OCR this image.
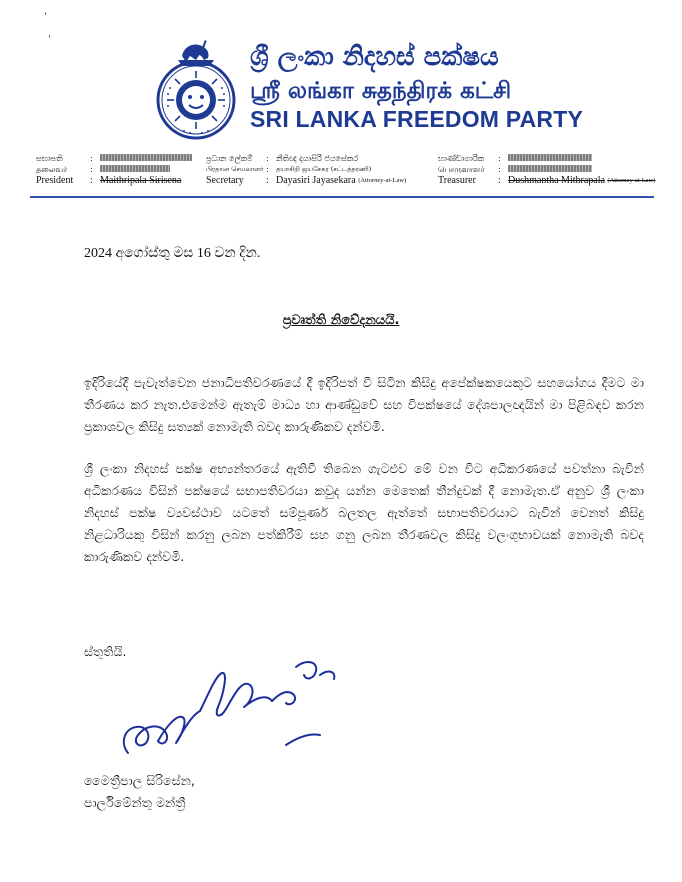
,
'
ශ්‍රී ලංකා නිදහස් පක්ෂය
ஸ்ரீ லங்கா சுதந்திரக் கட்சி
SRI LANKA FREEDOM PARTY
සභාපති	:
தலைவர்	:
President	: Maithripala Sirisena
ප්‍රධාන ලේකම්	: නීතිඥ දයාසිරි ජයසේකර
பிரதான செயலாளர் :	தயாசிறி ஜயசேகர (சட்டத்தரணி)
Secretary	: Dayasiri Jayasekara
(Attorney-at-Law)
භාණ්ඩාගාරික	:
பொருளாளர்	:
Treasurer	: Dushmantha Mithrapala
(Attorney-at-Law)
2024 අගෝස්තු මස 16 වන දින.
ප්‍රවෘත්ති නිවේදනයයි.
ඉදිරියේදී පැවැත්වෙන ජනාධිපතිවරණයේ දී ඉදිරිපත් වී සිටින කිසිදු අපේක්ෂකයෙකුට සහයෝගය දීමට මා තීරණය කර නැත.එමෙන්ම ඇතැම් මාධ්‍ය හා ආණ්ඩුවේ සහ විපක්ෂයේ දේශපාලඥයින් මා පිළිබඳව කරන ප්‍රකාශවල කිසිදු සත්‍යක් නොමැති බවද කාරුණිකව දන්වමි.
ශ්‍රී ලංකා නිදහස් පක්ෂ අභ්‍යන්තරයේ ඇතිවී තිබෙන ගැටළුව මේ වන විට අධිකරණයේ පවත්නා බැවින් අධිකරණය විසින් පක්ෂයේ සභාපතිවරයා කවුද යන්න මෙතෙක් තීන්දුවක් දී නොමැත.ඒ අනුව ශ්‍රී ලංකා නිදහස් පක්ෂ ව්‍යවස්ථාව යටතේ සම්පූර්ණ බලතල ඇත්තේ සභාපතිවරයාට බැවින් වෙනත් කිසිදු නිළධාරියකු විසින් කරනු ලබන පත්කිරීම් සහ ගනු ලබන තීරණවල කිසිදු වලංගුභාවයක් නොමැති බවද කාරුණිකව දන්වමි.
ස්තුතියි.
මෛත්‍රීපාල සිරිසේන,
පාර්ලිමේන්තු මන්ත්‍රී
